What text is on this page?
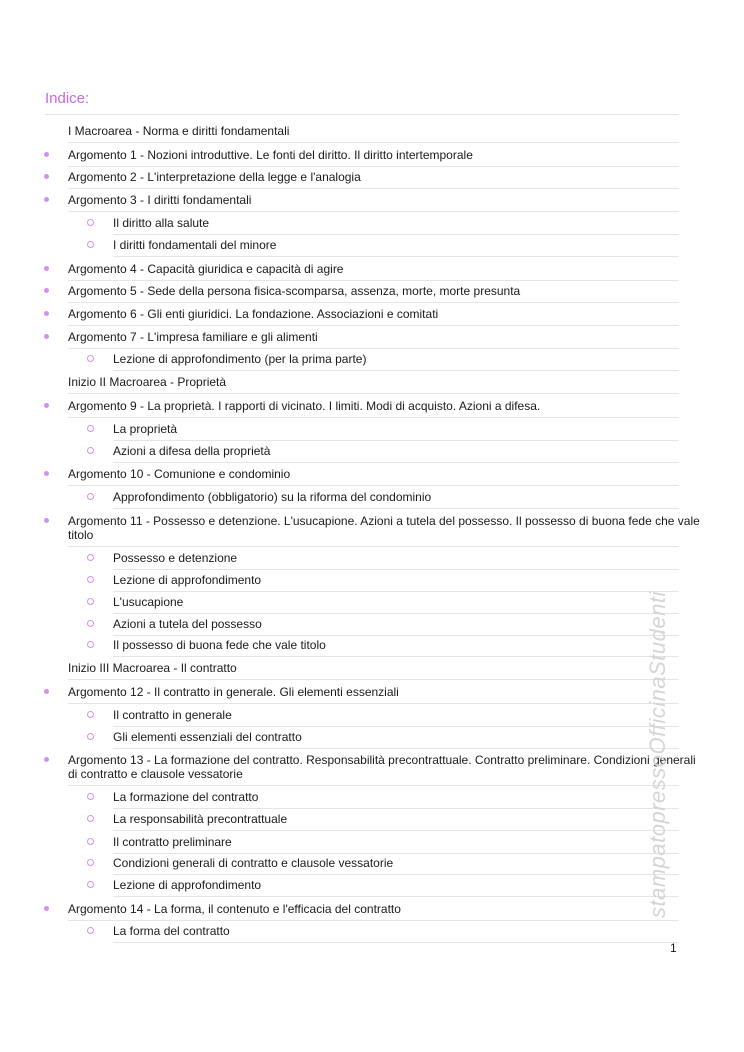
Indice:
I Macroarea - Norma e diritti fondamentali
Argomento 1 - Nozioni introduttive. Le fonti del diritto. Il diritto intertemporale
Argomento 2 - L'interpretazione della legge e l'analogia
Argomento 3 - I diritti fondamentali
Il diritto alla salute
I diritti fondamentali del minore
Argomento 4 - Capacità giuridica e capacità di agire
Argomento 5 - Sede della persona fisica-scomparsa, assenza, morte, morte presunta
Argomento 6 - Gli enti giuridici. La fondazione. Associazioni e comitati
Argomento 7 - L'impresa familiare e gli alimenti
Lezione di approfondimento (per la prima parte)
Inizio II Macroarea - Proprietà
Argomento 9 - La proprietà. I rapporti di vicinato. I limiti. Modi di acquisto. Azioni a difesa.
La proprietà
Azioni a difesa della proprietà
Argomento 10 - Comunione e condominio
Approfondimento (obbligatorio) su la riforma del condominio
Argomento 11 - Possesso e detenzione. L'usucapione. Azioni a tutela del possesso. Il possesso di buona fede che vale titolo
Possesso e detenzione
Lezione di approfondimento
L'usucapione
Azioni a tutela del possesso
Il possesso di buona fede che vale titolo
Inizio III Macroarea - Il contratto
Argomento 12 - Il contratto in generale. Gli elementi essenziali
Il contratto in generale
Gli elementi essenziali del contratto
Argomento 13 - La formazione del contratto. Responsabilità precontrattuale. Contratto preliminare. Condizioni generali di contratto e clausole vessatorie
La formazione del contratto
La responsabilità precontrattuale
Il contratto preliminare
Condizioni generali di contratto e clausole vessatorie
Lezione di approfondimento
Argomento 14 - La forma, il contenuto e l'efficacia del contratto
La forma del contratto
1
stampatopressoOfficinaStudenti
